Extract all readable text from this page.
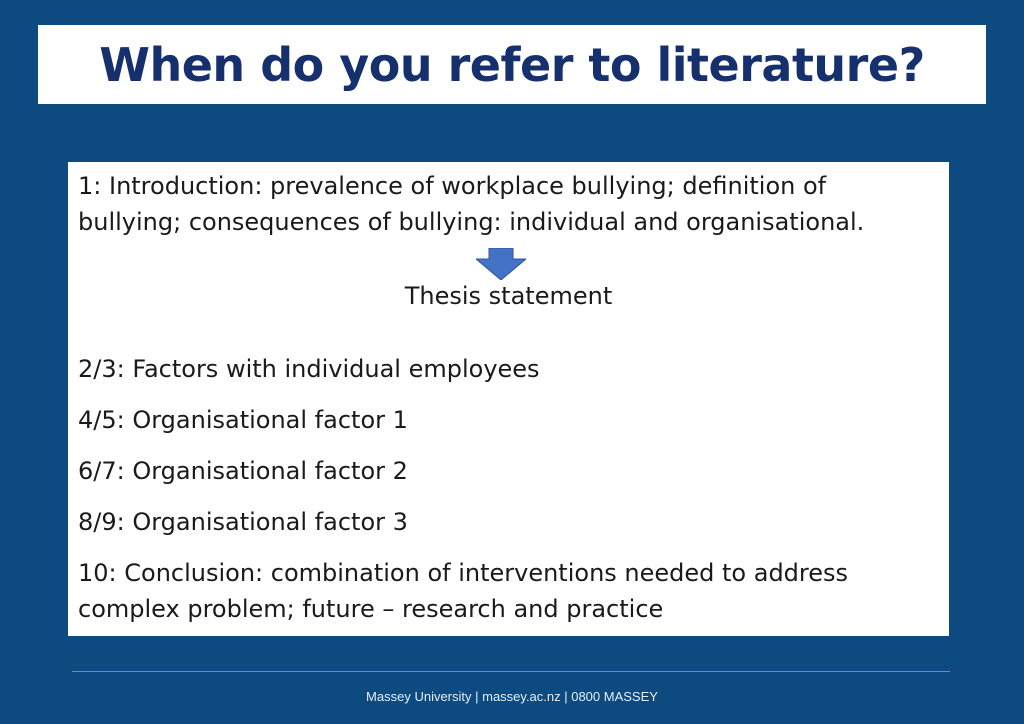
When do you refer to literature?
1: Introduction: prevalence of workplace bullying; definition of
bullying; consequences of bullying: individual and organisational.
Thesis statement
2/3: Factors with individual employees
4/5: Organisational factor 1
6/7: Organisational factor 2
8/9: Organisational factor 3
10: Conclusion: combination of interventions needed to address
complex problem; future – research and practice
Massey University | massey.ac.nz | 0800 MASSEY
